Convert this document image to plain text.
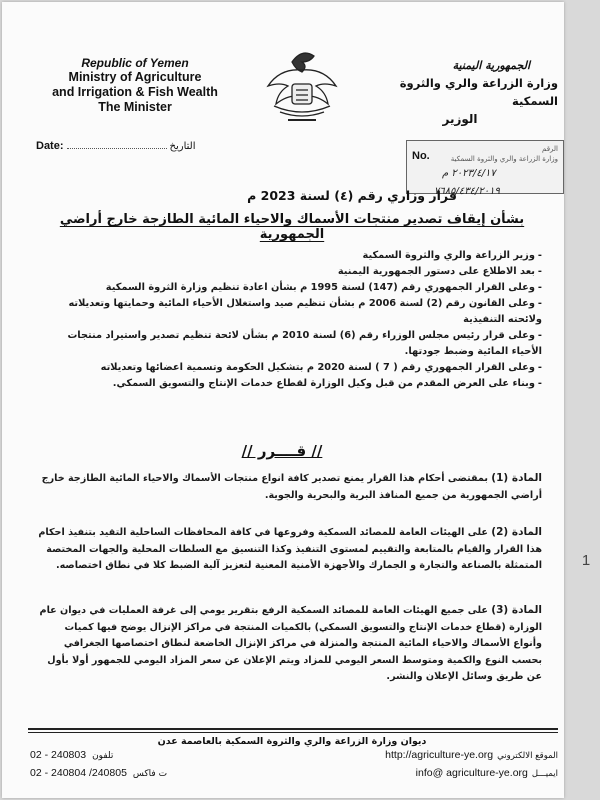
Republic of Yemen
Ministry of Agriculture
and Irrigation & Fish Wealth
The Minister
الجمهورية اليمنية
وزارة الزراعة والري والثروة السمكية
الوزير
Date:	التاريخ	الرقم
وزارة الزراعة والري والثروة السمكية
No.
٢٠٢٣/٤/١٧ م
٧٦٨٥/٤٣٤/٢٠١٩
قرار وزاري رقم (٤) لسنة 2023 م
بشأن إيقاف تصدير منتجات الأسماك والاحياء المائية الطازجة خارج أراضي الجمهورية
-وزير الزراعة والري والثروة السمكية
-بعد الاطلاع على دستور الجمهورية اليمنية
-وعلى القرار الجمهوري رقم (147) لسنة 1995 م بشأن اعادة تنظيم وزارة الثروة السمكية
-وعلى القانون رقم (2) لسنة 2006 م بشأن تنظيم صيد واستغلال الأحياء المائية وحمايتها وتعديلاته ولائحته التنفيذية
-وعلى قرار رئيس مجلس الوزراء رقم (6) لسنة 2010 م بشأن لائحة تنظيم تصدير واستيراد منتجات الأحياء المائية وضبط جودتها.
-وعلى القرار الجمهوري رقم ( 7 ) لسنة 2020 م بتشكيل الحكومة وتسمية اعضائها وتعديلاته
-وبناء على العرض المقدم من قبل وكيل الوزارة لقطاع خدمات الإنتاج والتسويق السمكي.
// قــــرر //
المادة (1) بمقتضى أحكام هذا القرار يمنع تصدير كافة انواع منتجات الأسماك والاحياء المائية الطازجة خارج أراضي الجمهورية من جميع المنافذ البرية والبحرية والجوية.
المادة (2) على الهيئات العامة للمصائد السمكية وفروعها في كافة المحافظات الساحلية التقيد بتنفيذ احكام هذا القرار والقيام بالمتابعة والتقييم لمستوى التنفيذ وكذا التنسيق مع السلطات المحلية والجهات المختصة المتمثلة بالصناعة والتجارة و الجمارك والأجهزة الأمنية المعنية لتعزيز آلية الضبط كلا في نطاق اختصاصه.
المادة (3) على جميع الهيئات العامة للمصائد السمكية الرفع بتقرير يومي إلى غرفة العمليات في ديوان عام الوزارة (قطاع خدمات الإنتاج والتسويق السمكي) بالكميات المنتجة في مراكز الإنزال يوضح فيها كميات وأنواع الأسماك والاحياء المائية المنتجة والمنزلة في مراكز الإنزال الخاضعة لنطاق اختصاصها الجغرافي بحسب النوع والكمية ومتوسط السعر اليومي للمزاد ويتم الإعلان عن سعر المزاد اليومي للجمهور أولا بأول عن طريق وسائل الإعلان والنشر.
ديوان وزارة الزراعة والري والثروة السمكية بالعاصمة عدن
02 - 240803 تلفون
02 - 240804 /240805 ت فاكس
http://agriculture-ye.org الموقع الالكتروني
info@ agriculture-ye.org ايميـــل
1
